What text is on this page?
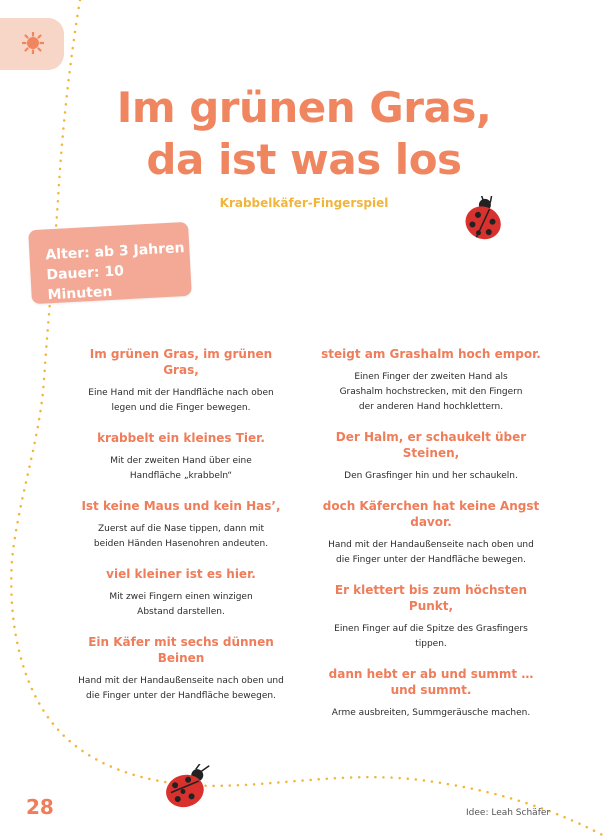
Im grünen Gras,
da ist was los
Krabbelkäfer-Fingerspiel
Alter: ab 3 Jahren
Dauer: 10 Minuten
Im grünen Gras, im grünen Gras,
Eine Hand mit der Handfläche nach oben
legen und die Finger bewegen.
krabbelt ein kleines Tier.
Mit der zweiten Hand über eine
Handfläche „krabbeln“
Ist keine Maus und kein Has’,
Zuerst auf die Nase tippen, dann mit
beiden Händen Hasenohren andeuten.
viel kleiner ist es hier.
Mit zwei Fingern einen winzigen
Abstand darstellen.
Ein Käfer mit sechs dünnen Beinen
Hand mit der Handaußenseite nach oben und
die Finger unter der Handfläche bewegen.
steigt am Grashalm hoch empor.
Einen Finger der zweiten Hand als
Grashalm hochstrecken, mit den Fingern
der anderen Hand hochklettern.
Der Halm, er schaukelt über Steinen,
Den Grasfinger hin und her schaukeln.
doch Käferchen hat keine Angst davor.
Hand mit der Handaußenseite nach oben und
die Finger unter der Handfläche bewegen.
Er klettert bis zum höchsten Punkt,
Einen Finger auf die Spitze des Grasfingers tippen.
dann hebt er ab und summt … und summt.
Arme ausbreiten, Summgeräusche machen.
28	Idee: Leah Schäfer
